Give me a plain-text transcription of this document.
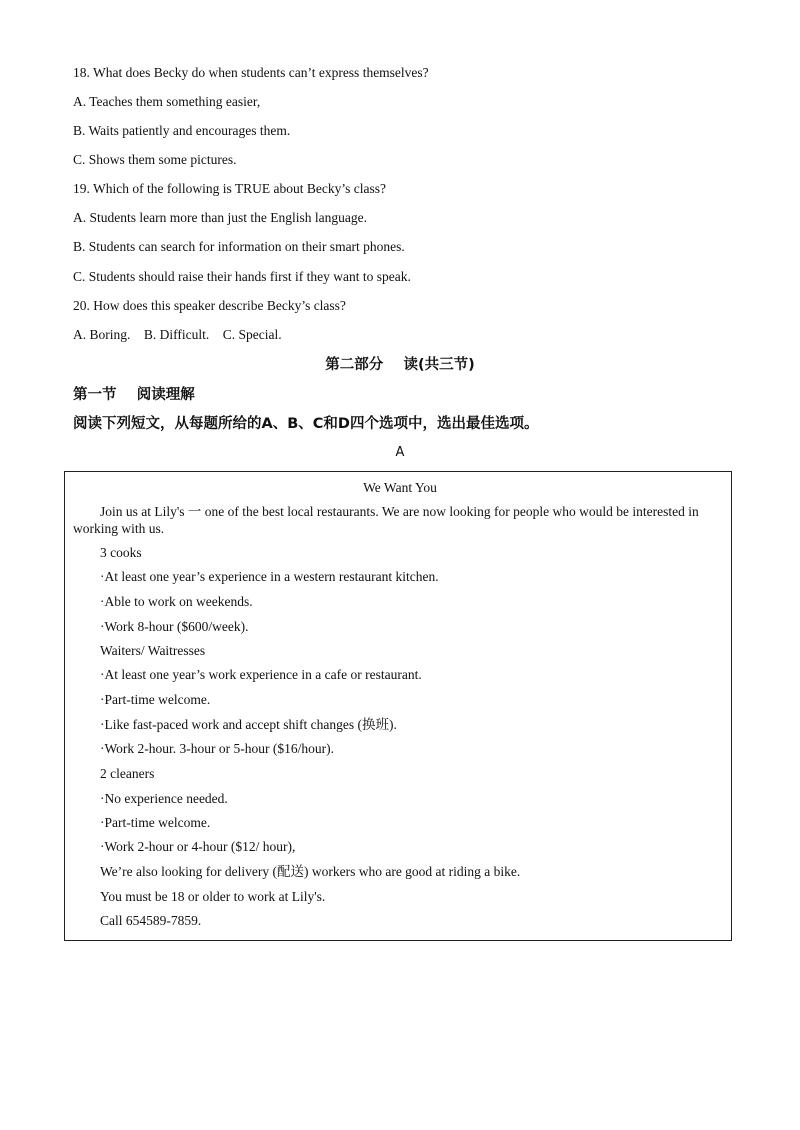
18. What does Becky do when students can’t express themselves?

A. Teaches them something easier,

B. Waits patiently and encourages them.

C. Shows them some pictures.

19. Which of the following is TRUE about Becky’s class?

A. Students learn more than just the English language.

B. Students can search for information on their smart phones.

C. Students should raise their hands first if they want to speak.

20. How does this speaker describe Becky’s class?

A. Boring.    B. Difficult.    C. Special.

第二部分    读(共三节)

第一节    阅读理解

阅读下列短文，从每题所给的A、B、C和D四个选项中，选出最佳选项。

A

We Want You

Join us at Lily's 一 one of the best local restaurants. We are now looking for people who would be interested in working with us.

3 cooks

·At least one year’s experience in a western restaurant kitchen.

·Able to work on weekends.

·Work 8-hour ($600/week).

Waiters/ Waitresses

·At least one year’s work experience in a cafe or restaurant.

·Part-time welcome.

·Like fast-paced work and accept shift changes (换班).

·Work 2-hour. 3-hour or 5-hour ($16/hour).

2 cleaners

·No experience needed.

·Part-time welcome.

·Work 2-hour or 4-hour ($12/ hour),

We’re also looking for delivery (配送) workers who are good at riding a bike.

You must be 18 or older to work at Lily's.

Call 654589-7859.
